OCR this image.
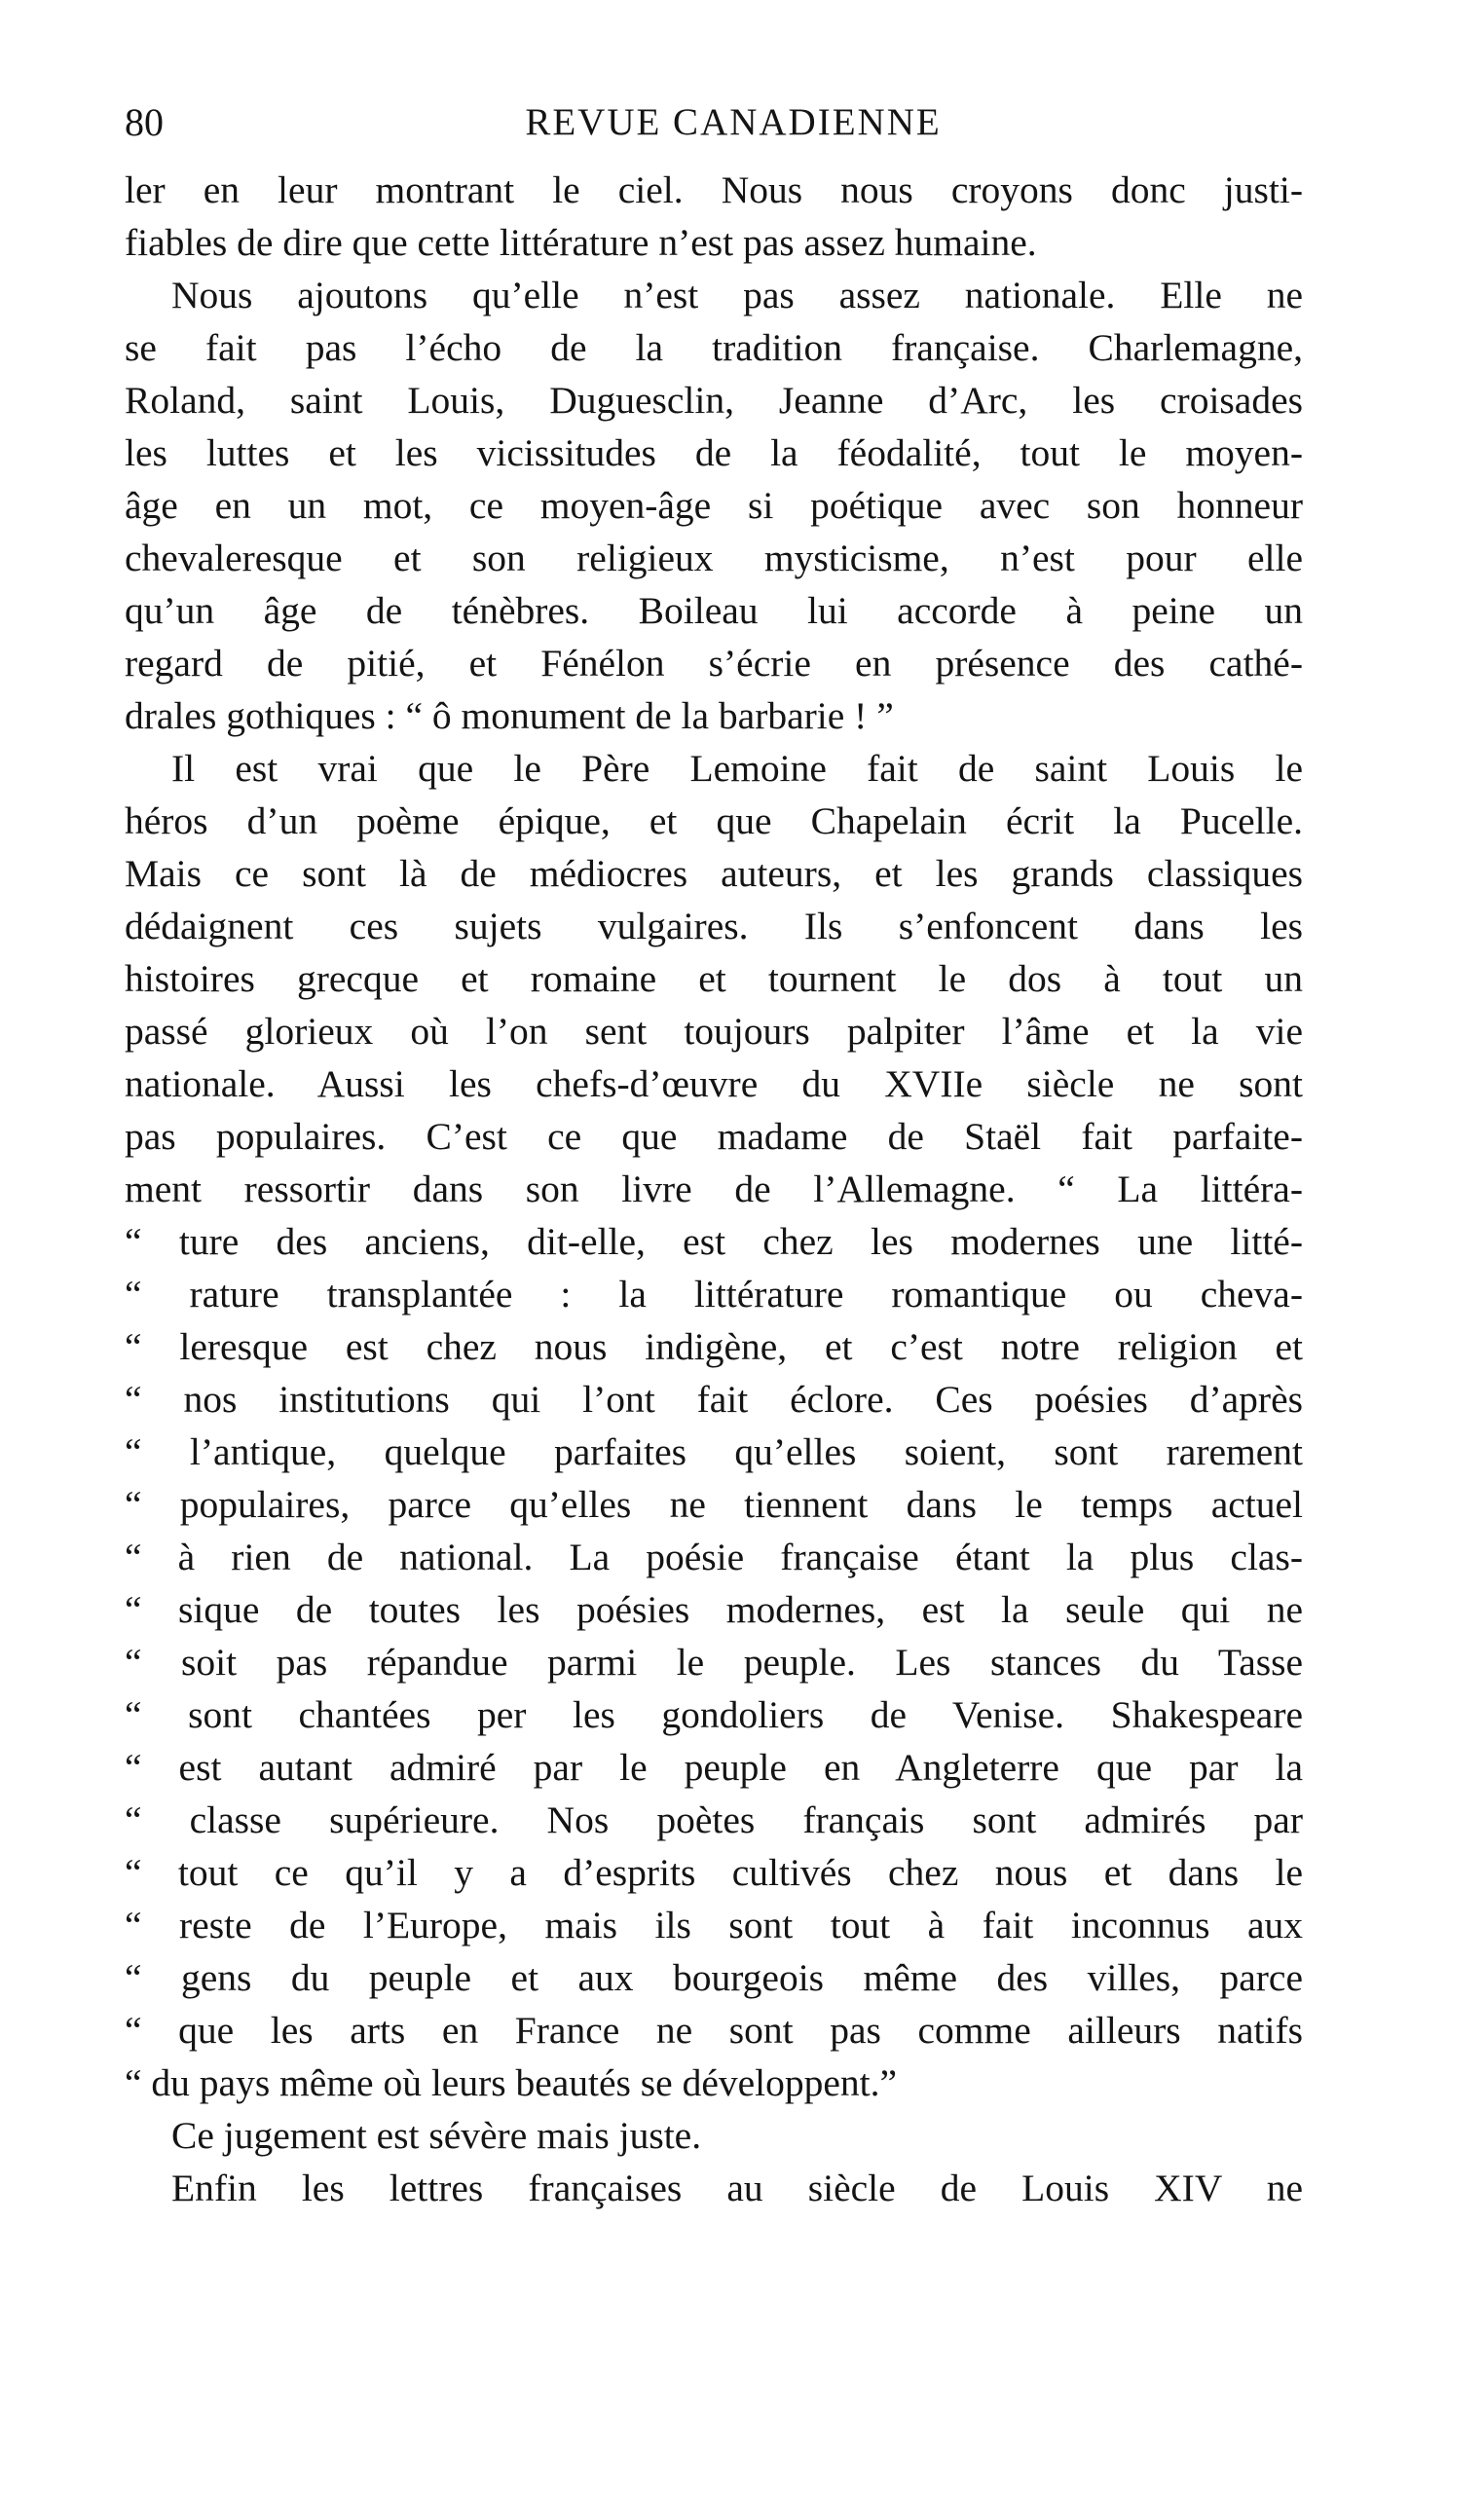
80	REVUE CANADIENNE
ler en leur montrant le ciel. Nous nous croyons donc justi-
fiables de dire que cette littérature n’est pas assez humaine.
Nous ajoutons qu’elle n’est pas assez nationale. Elle ne
se fait pas l’écho de la tradition française. Charlemagne,
Roland, saint Louis, Duguesclin, Jeanne d’Arc, les croisades
les luttes et les vicissitudes de la féodalité, tout le moyen-
âge en un mot, ce moyen-âge si poétique avec son honneur
chevaleresque et son religieux mysticisme, n’est pour elle
qu’un âge de ténèbres. Boileau lui accorde à peine un
regard de pitié, et Fénélon s’écrie en présence des cathé-
drales gothiques : “ ô monument de la barbarie ! ”
Il est vrai que le Père Lemoine fait de saint Louis le
héros d’un poème épique, et que Chapelain écrit la Pucelle.
Mais ce sont là de médiocres auteurs, et les grands classiques
dédaignent ces sujets vulgaires. Ils s’enfoncent dans les
histoires grecque et romaine et tournent le dos à tout un
passé glorieux où l’on sent toujours palpiter l’âme et la vie
nationale. Aussi les chefs-d’œuvre du XVIIe siècle ne sont
pas populaires. C’est ce que madame de Staël fait parfaite-
ment ressortir dans son livre de l’Allemagne. “ La littéra-
“ ture des anciens, dit-elle, est chez les modernes une litté-
“ rature transplantée : la littérature romantique ou cheva-
“ leresque est chez nous indigène, et c’est notre religion et
“ nos institutions qui l’ont fait éclore. Ces poésies d’après
“ l’antique, quelque parfaites qu’elles soient, sont rarement
“ populaires, parce qu’elles ne tiennent dans le temps actuel
“ à rien de national. La poésie française étant la plus clas-
“ sique de toutes les poésies modernes, est la seule qui ne
“ soit pas répandue parmi le peuple. Les stances du Tasse
“ sont chantées per les gondoliers de Venise. Shakespeare
“ est autant admiré par le peuple en Angleterre que par la
“ classe supérieure. Nos poètes français sont admirés par
“ tout ce qu’il y a d’esprits cultivés chez nous et dans le
“ reste de l’Europe, mais ils sont tout à fait inconnus aux
“ gens du peuple et aux bourgeois même des villes, parce
“ que les arts en France ne sont pas comme ailleurs natifs
“ du pays même où leurs beautés se développent.”
Ce jugement est sévère mais juste.
Enfin les lettres françaises au siècle de Louis XIV ne
